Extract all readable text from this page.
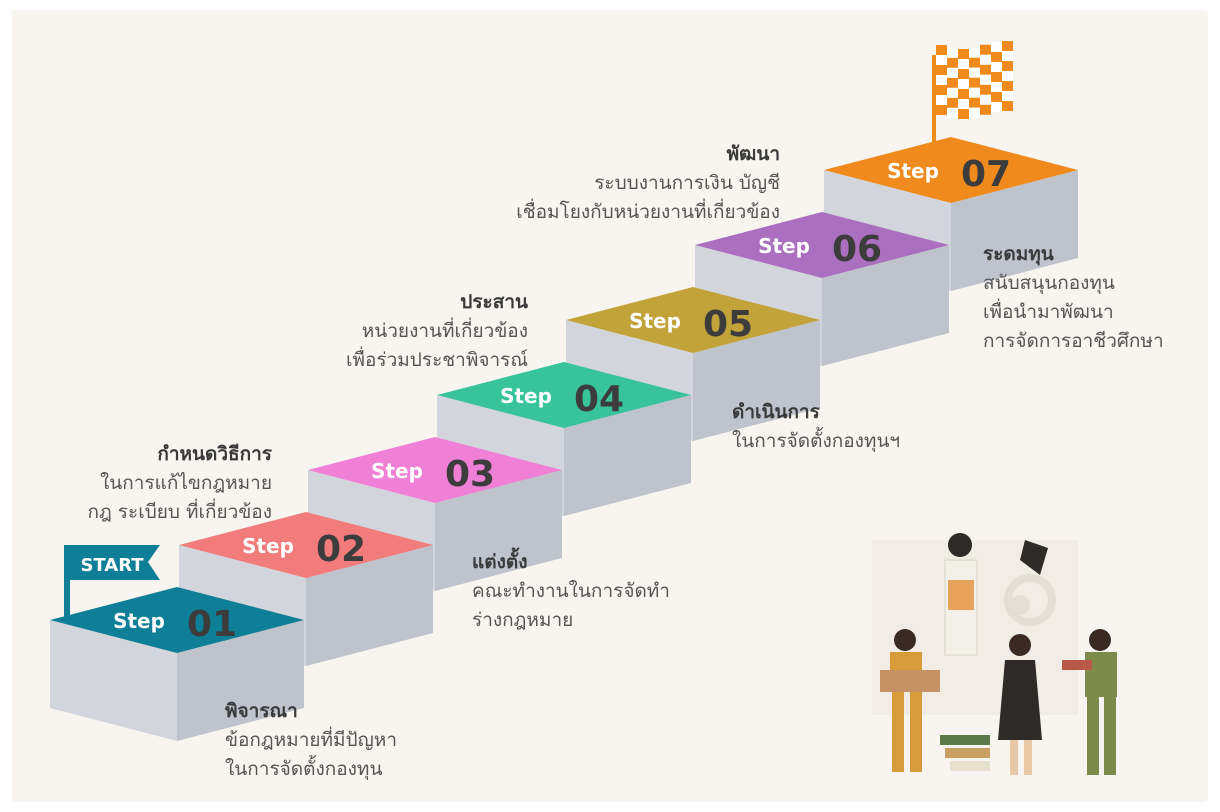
Step 07
Step 06
Step 05
Step 04
Step 03
Step 02
Step 01
START
พิจารณา
ข้อกฎหมายที่มีปัญหา
ในการจัดตั้งกองทุน
แต่งตั้ง
คณะทำงานในการจัดทำ
ร่างกฎหมาย
กำหนดวิธีการ
ในการแก้ไขกฎหมาย
กฎ ระเบียบ ที่เกี่ยวข้อง
ประสาน
หน่วยงานที่เกี่ยวข้อง
เพื่อร่วมประชาพิจารณ์
ดำเนินการ
ในการจัดตั้งกองทุนฯ
ระดมทุน
สนับสนุนกองทุน
เพื่อนำมาพัฒนา
การจัดการอาชีวศึกษา
พัฒนา
ระบบงานการเงิน บัญชี
เชื่อมโยงกับหน่วยงานที่เกี่ยวข้อง
